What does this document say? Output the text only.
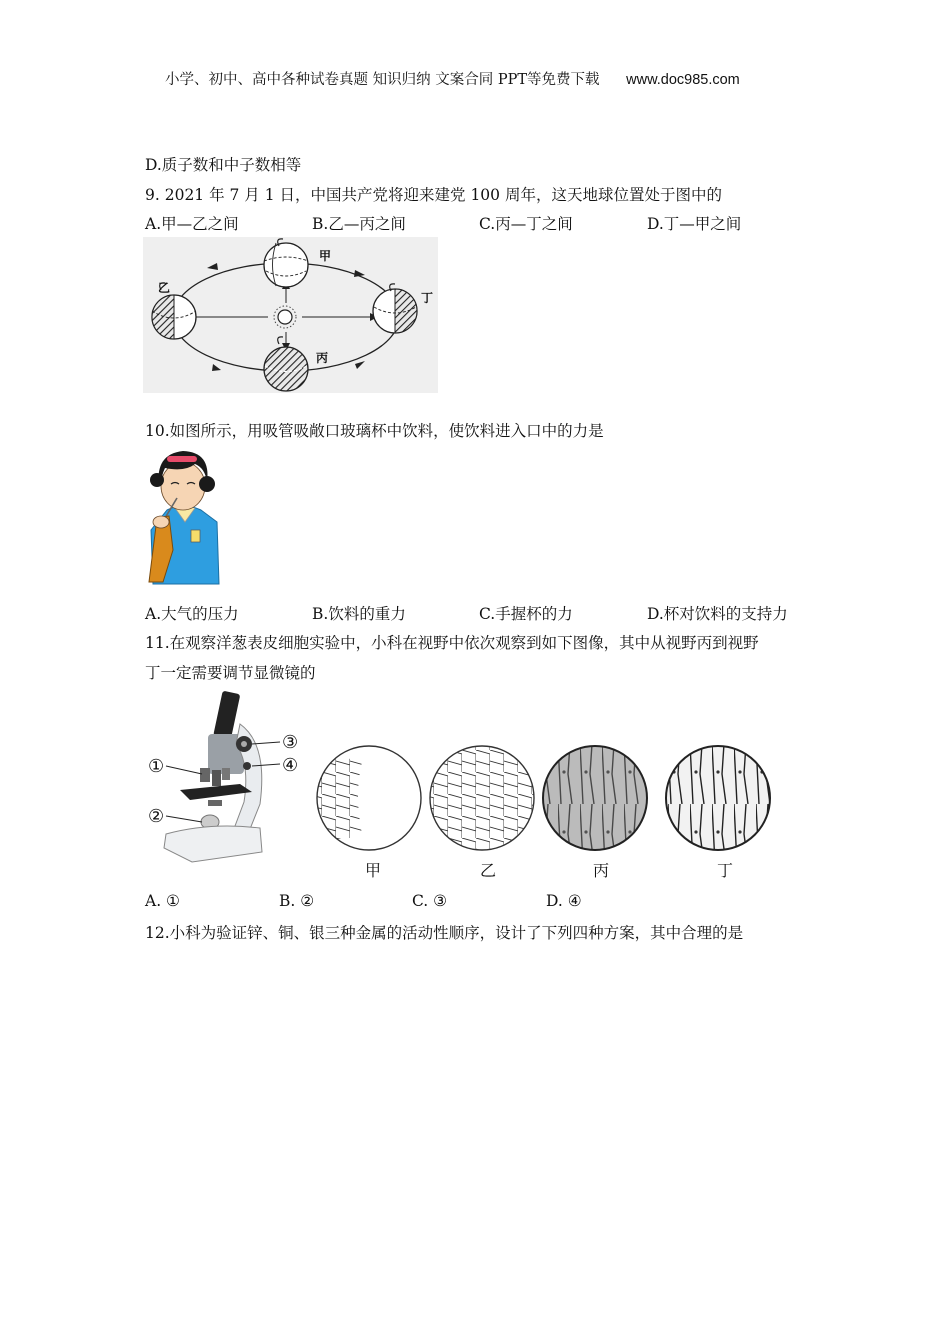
小学、初中、高中各种试卷真题 知识归纳 文案合同 PPT等免费下载 www.doc985.com
D.质子数和中子数相等
9. 2021 年 7 月 1 日，中国共产党将迎来建党 100 周年，这天地球位置处于图中的
A.甲—乙之间	B.乙—丙之间	C.丙—丁之间	D.丁—甲之间
甲
乙
丙
丁
10.如图所示，用吸管吸敞口玻璃杯中饮料，使饮料进入口中的力是
A.大气的压力	B.饮料的重力	C.手握杯的力	D.杯对饮料的支持力
11.在观察洋葱表皮细胞实验中，小科在视野中依次观察到如下图像，其中从视野丙到视野
丁一定需要调节显微镜的
①
②
③
④
甲	乙	丙	丁
A. ①	B. ②	C. ③	D. ④
12.小科为验证锌、铜、银三种金属的活动性顺序，设计了下列四种方案，其中合理的是
